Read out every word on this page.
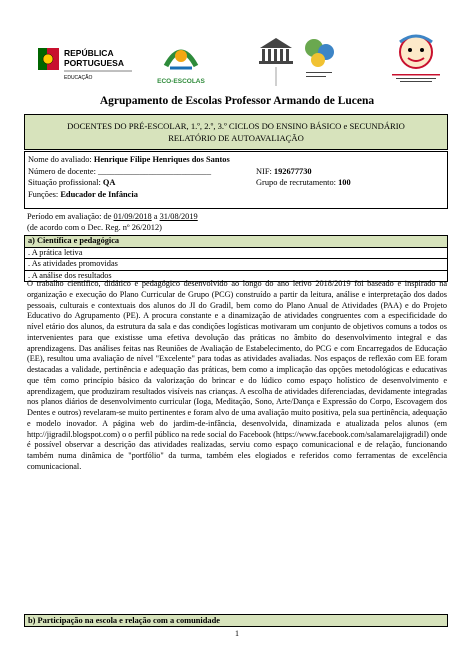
REPÚBLICA
PORTUGUESA
EDUCAÇÃO	ECO-ESCOLAS
Agrupamento de Escolas Professor Armando de Lucena
DOCENTES DO PRÉ-ESCOLAR, 1.º, 2.º, 3.º CICLOS DO ENSINO BÁSICO e SECUNDÁRIO
RELATÓRIO DE AUTOAVALIAÇÃO
Nome do avaliado: Henrique Filipe Henriques dos Santos
Número de docente: ___________________________	NIF: 192677730
Situação profissional: QA	Grupo de recrutamento: 100
Funções: Educador de Infância
Período em avaliação: de 01/09/2018 a 31/08/2019
(de acordo com o Dec. Reg. nº 26/2012)
a) Científica e pedagógica
. A prática letiva
. As atividades promovidas
. A análise dos resultados

O trabalho científico, didático e pedagógico desenvolvido ao longo do ano letivo 2018/2019 foi baseado e inspirado na organização e execução do Plano Curricular de Grupo (PCG) construído a partir da leitura, análise e interpretação dos dados pessoais, culturais e contextuais dos alunos do JI do Gradil, bem como do Plano Anual de Atividades (PAA) e do Projeto Educativo do Agrupamento (PE). A procura constante e a dinamização de atividades congruentes com a especificidade do nível etário dos alunos, da estrutura da sala e das condições logísticas motivaram um conjunto de objetivos comuns a todos os intervenientes para que existisse uma efetiva devolução das práticas no âmbito do desenvolvimento integral e das aprendizagens. Das análises feitas nas Reuniões de Avaliação de Estabelecimento, do PCG e com Encarregados de Educação (EE), resultou uma avaliação de nível "Excelente" para todas as atividades avaliadas. Nos espaços de reflexão com EE foram destacadas a validade, pertinência e adequação das práticas, bem como a implicação das opções metodológicas e educativas que têm como princípio básico da valorização do brincar e do lúdico como espaço holístico de desenvolvimento e aprendizagem, que produziram resultados visíveis nas crianças. A escolha de atividades diferenciadas, devidamente integradas nos planos diários de desenvolvimento curricular (Ioga, Meditação, Sono, Arte/Dança e Expressão do Corpo, Escovagem dos Dentes e outros) revelaram-se muito pertinentes e foram alvo de uma avaliação muito positiva, pela sua pertinência, adequação e modelo inovador. A página web do jardim-de-infância, desenvolvida, dinamizada e atualizada pelos alunos (em http://jigradil.blogspot.com) o o perfil público na rede social do Facebook (https://www.facebook.com/salamarelajigradil) onde é possível observar a descrição das atividades realizadas, serviu como espaço comunicacional e de relação, funcionando também numa dinâmica de "portfólio" da turma, também eles elogiados e referidos como ferramentas de excelência comunicacional.

b) Participação na escola e relação com a comunidade
1
